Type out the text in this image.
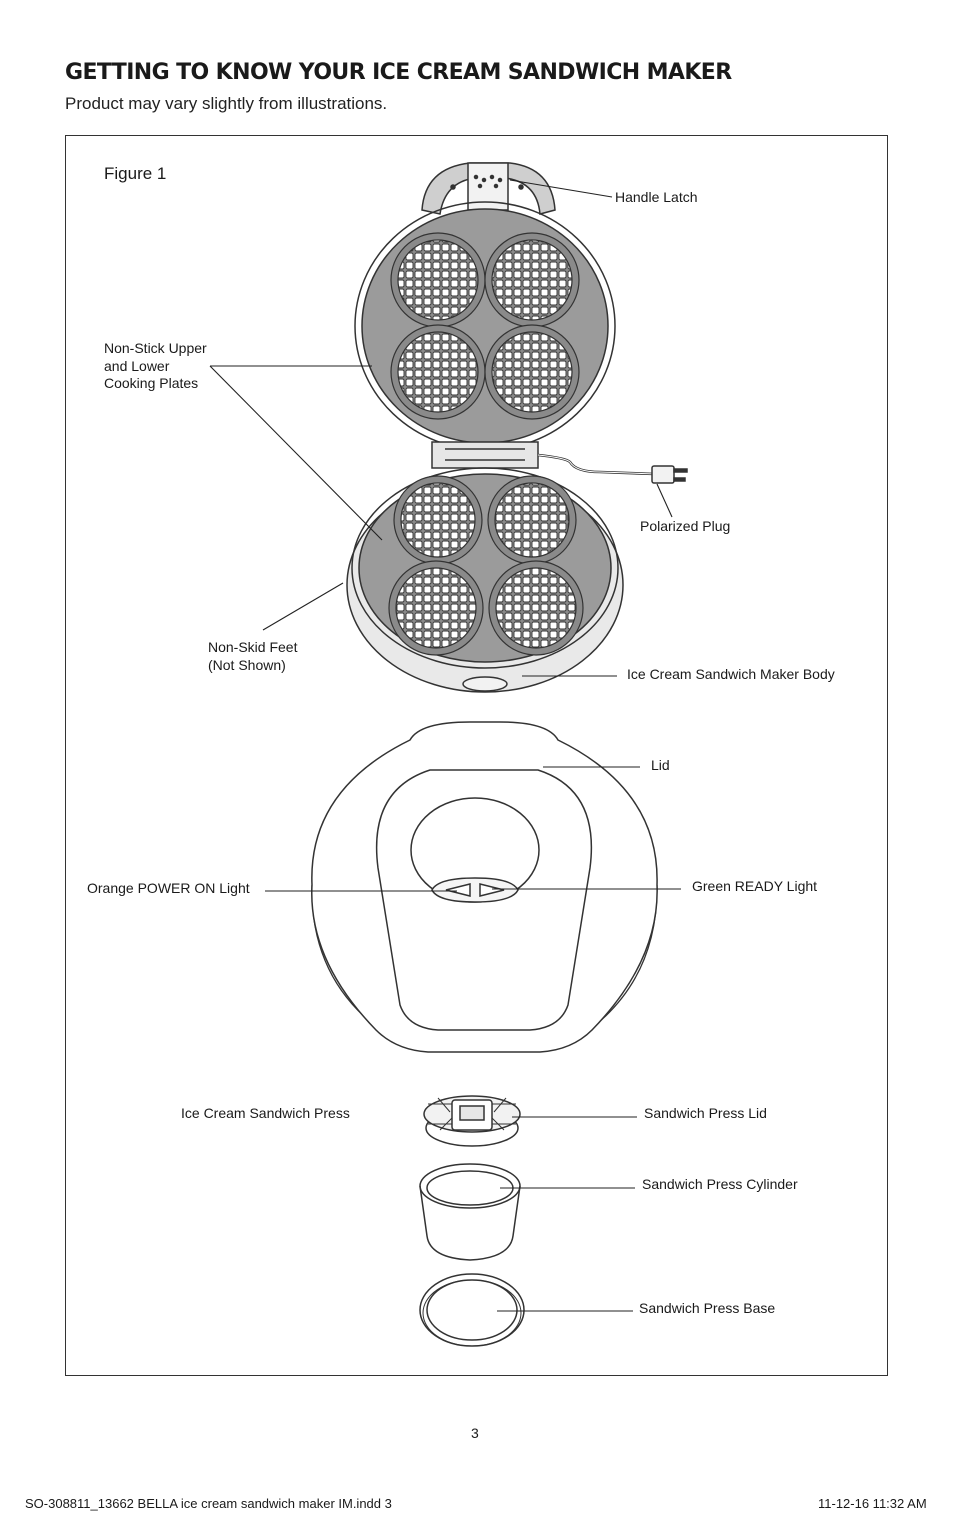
GETTING TO KNOW YOUR ICE CREAM SANDWICH MAKER
Product may vary slightly from illustrations.
Figure 1
Handle Latch
Non-Stick Upper
and Lower
Cooking Plates
Polarized Plug
Non-Skid Feet
(Not Shown)
Ice Cream Sandwich Maker Body
Lid
Orange POWER ON Light	Green READY Light
Ice Cream Sandwich Press	Sandwich Press Lid
Sandwich Press Cylinder
Sandwich Press Base
3
SO-308811_13662 BELLA ice cream sandwich maker IM.indd 3	11-12-16 11:32 AM
